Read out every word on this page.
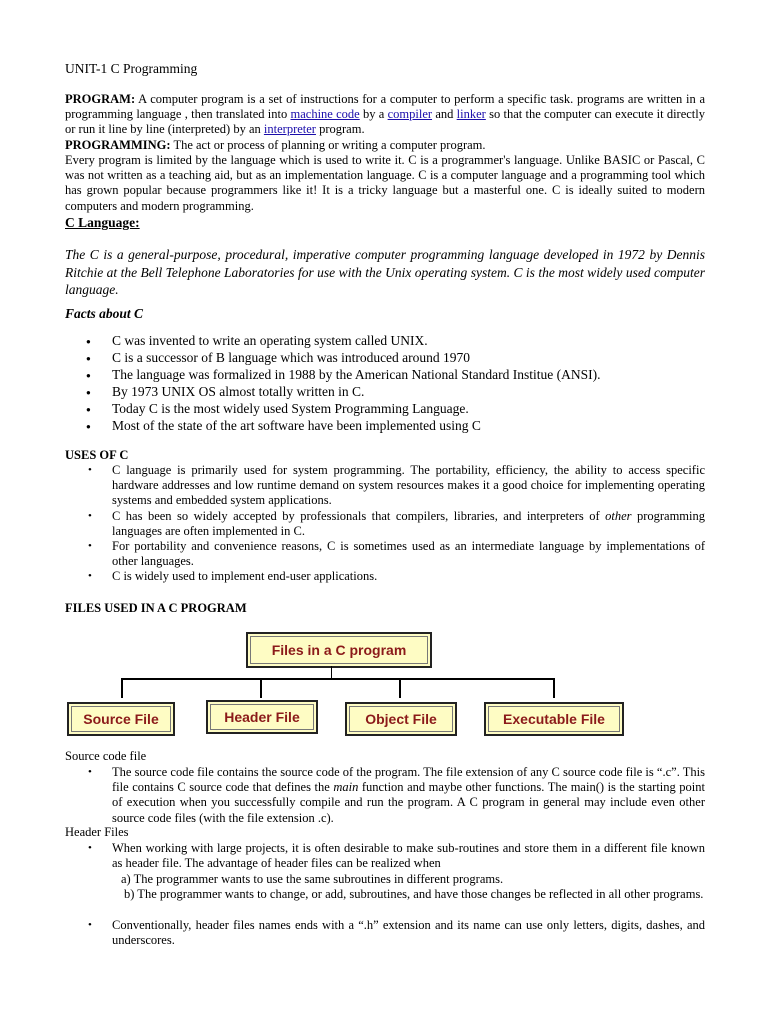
UNIT-1 C Programming

PROGRAM: A computer program is a set of instructions for a computer to perform a specific task. programs are written in a programming language , then translated into machine code by a compiler and linker so that the computer can execute it directly or run it line by line (interpreted) by an interpreter program.

PROGRAMMING: The act or process of planning or writing a computer program.

Every program is limited by the language which is used to write it. C is a programmer's language. Unlike BASIC or Pascal, C was not written as a teaching aid, but as an implementation language. C is a computer language and a programming tool which has grown popular because programmers like it! It is a tricky language but a masterful one. C is ideally suited to modern computers and modern programming.

C Language:

The C is a general-purpose, procedural, imperative computer programming language developed in 1972 by Dennis Ritchie at the Bell Telephone Laboratories for use with the Unix operating system. C is the most widely used computer language.

Facts about C

● C was invented to write an operating system called UNIX.
● C is a successor of B language which was introduced around 1970
● The language was formalized in 1988 by the American National Standard Institue (ANSI).
● By 1973 UNIX OS almost totally written in C.
● Today C is the most widely used System Programming Language.
● Most of the state of the art software have been implemented using C

USES OF C

• C language is primarily used for system programming. The portability, efficiency, the ability to access specific hardware addresses and low runtime demand on system resources makes it a good choice for implementing operating systems and embedded system applications.
• C has been so widely accepted by professionals that compilers, libraries, and interpreters of other programming languages are often implemented in C.
• For portability and convenience reasons, C is sometimes used as an intermediate language by implementations of other languages.
• C is widely used to implement end-user applications.

FILES USED IN A C PROGRAM

Files in a C program
Source File	Header File	Object File	Executable File

Source code file

• The source code file contains the source code of the program. The file extension of any C source code file is “.c”. This file contains C source code that defines the main function and maybe other functions. The main() is the starting point of execution when you successfully compile and run the program. A C program in general may include even other source code files (with the file extension .c).

Header Files

• When working with large projects, it is often desirable to make sub-routines and store them in a different file known as header file. The advantage of header files can be realized when

a) The programmer wants to use the same subroutines in different programs.

b) The programmer wants to change, or add, subroutines, and have those changes be reflected in all other programs.

• Conventionally, header files names ends with a “.h” extension and its name can use only letters, digits, dashes, and underscores.
